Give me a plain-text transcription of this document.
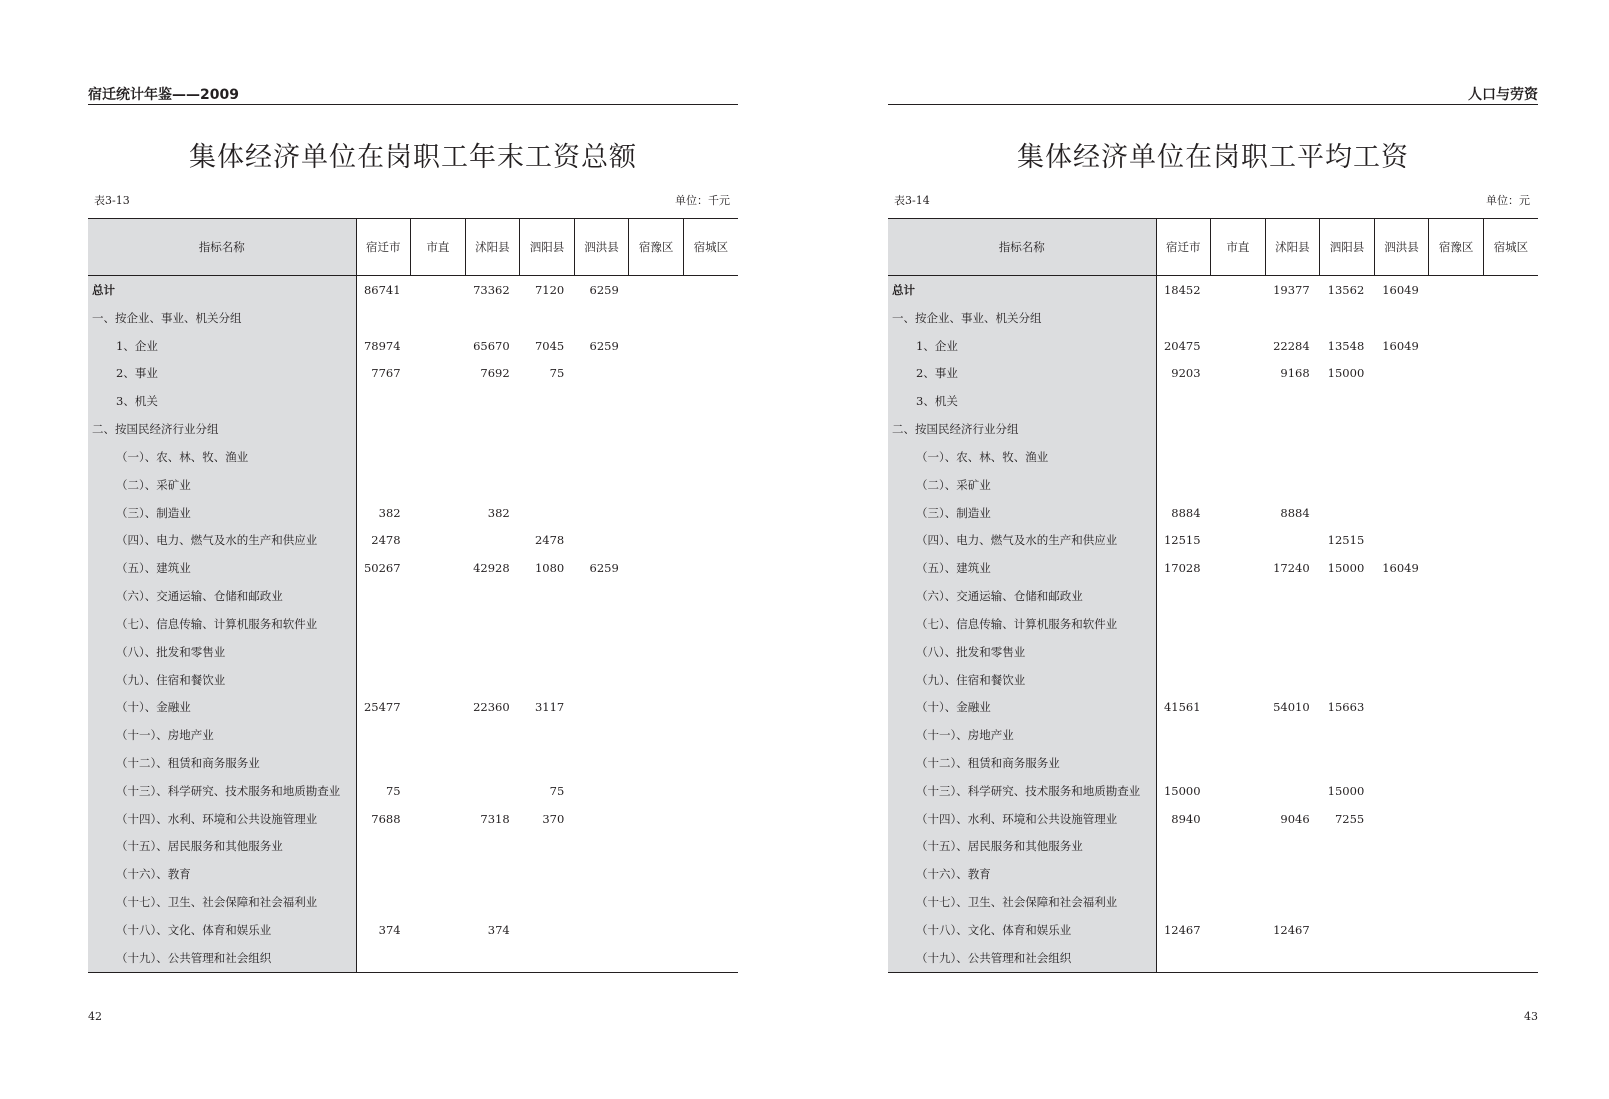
宿迁统计年鉴——2009
集体经济单位在岗职工年末工资总额
表3-13	单位：千元
指标名称	宿迁市	市直	沭阳县	泗阳县	泗洪县	宿豫区	宿城区
总计	86741		73362	7120	6259		
一、按企业、事业、机关分组							
1、企业	78974		65670	7045	6259		
2、事业	7767		7692	75			
3、机关							
二、按国民经济行业分组							
（一）、农、林、牧、渔业							
（二）、采矿业							
（三）、制造业	382		382				
（四）、电力、燃气及水的生产和供应业	2478			2478			
（五）、建筑业	50267		42928	1080	6259		
（六）、交通运输、仓储和邮政业							
（七）、信息传输、计算机服务和软件业							
（八）、批发和零售业							
（九）、住宿和餐饮业							
（十）、金融业	25477		22360	3117			
（十一）、房地产业							
（十二）、租赁和商务服务业							
（十三）、科学研究、技术服务和地质勘查业	75			75			
（十四）、水利、环境和公共设施管理业	7688		7318	370			
（十五）、居民服务和其他服务业							
（十六）、教育							
（十七）、卫生、社会保障和社会福利业							
（十八）、文化、体育和娱乐业	374		374				
（十九）、公共管理和社会组织							
42
人口与劳资
集体经济单位在岗职工平均工资
表3-14	单位：元
指标名称	宿迁市	市直	沭阳县	泗阳县	泗洪县	宿豫区	宿城区
总计	18452		19377	13562	16049		
一、按企业、事业、机关分组							
1、企业	20475		22284	13548	16049		
2、事业	9203		9168	15000			
3、机关							
二、按国民经济行业分组							
（一）、农、林、牧、渔业							
（二）、采矿业							
（三）、制造业	8884		8884				
（四）、电力、燃气及水的生产和供应业	12515			12515			
（五）、建筑业	17028		17240	15000	16049		
（六）、交通运输、仓储和邮政业							
（七）、信息传输、计算机服务和软件业							
（八）、批发和零售业							
（九）、住宿和餐饮业							
（十）、金融业	41561		54010	15663			
（十一）、房地产业							
（十二）、租赁和商务服务业							
（十三）、科学研究、技术服务和地质勘查业	15000			15000			
（十四）、水利、环境和公共设施管理业	8940		9046	7255			
（十五）、居民服务和其他服务业							
（十六）、教育							
（十七）、卫生、社会保障和社会福利业							
（十八）、文化、体育和娱乐业	12467		12467				
（十九）、公共管理和社会组织							
43
